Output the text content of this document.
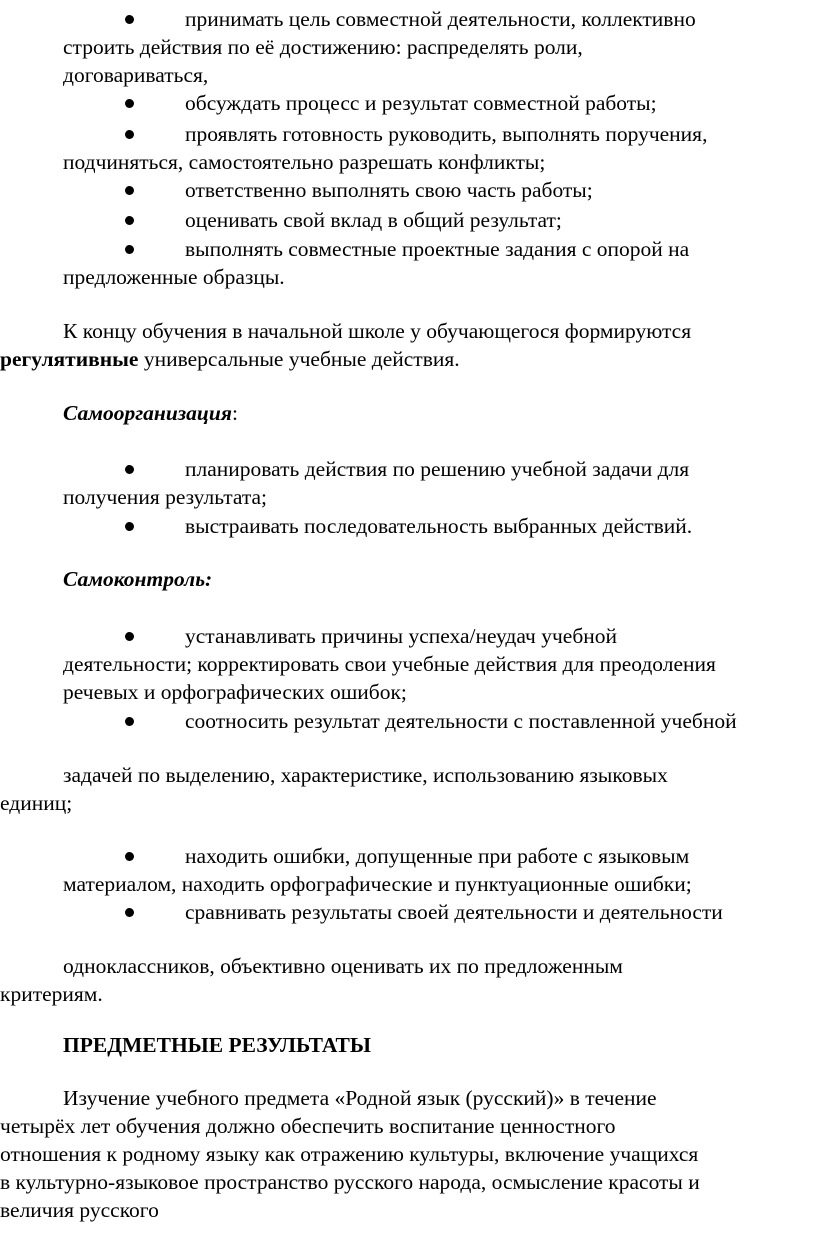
принимать цель совместной деятельности, коллективно
строить действия по её достижению: распределять роли,
договариваться,
обсуждать процесс и результат совместной работы;
проявлять готовность руководить, выполнять поручения,
подчиняться, самостоятельно разрешать конфликты;
ответственно выполнять свою часть работы;
оценивать свой вклад в общий результат;
выполнять совместные проектные задания с опорой на
предложенные образцы.
К концу обучения в начальной школе у обучающегося формируются
регулятивные универсальные учебные действия.
Самоорганизация:
планировать действия по решению учебной задачи для
получения результата;
выстраивать последовательность выбранных действий.
Самоконтроль:
устанавливать причины успеха/неудач учебной
деятельности; корректировать свои учебные действия для преодоления
речевых и орфографических ошибок;
соотносить результат деятельности с поставленной учебной
задачей по выделению, характеристике, использованию языковых
единиц;
находить ошибки, допущенные при работе с языковым
материалом, находить орфографические и пунктуационные ошибки;
сравнивать результаты своей деятельности и деятельности
одноклассников, объективно оценивать их по предложенным
критериям.
ПРЕДМЕТНЫЕ РЕЗУЛЬТАТЫ
Изучение учебного предмета «Родной язык (русский)» в течение
четырёх лет обучения должно обеспечить воспитание ценностного
отношения к родному языку как отражению культуры, включение учащихся
в культурно-языковое пространство русского народа, осмысление красоты и
величия русского
